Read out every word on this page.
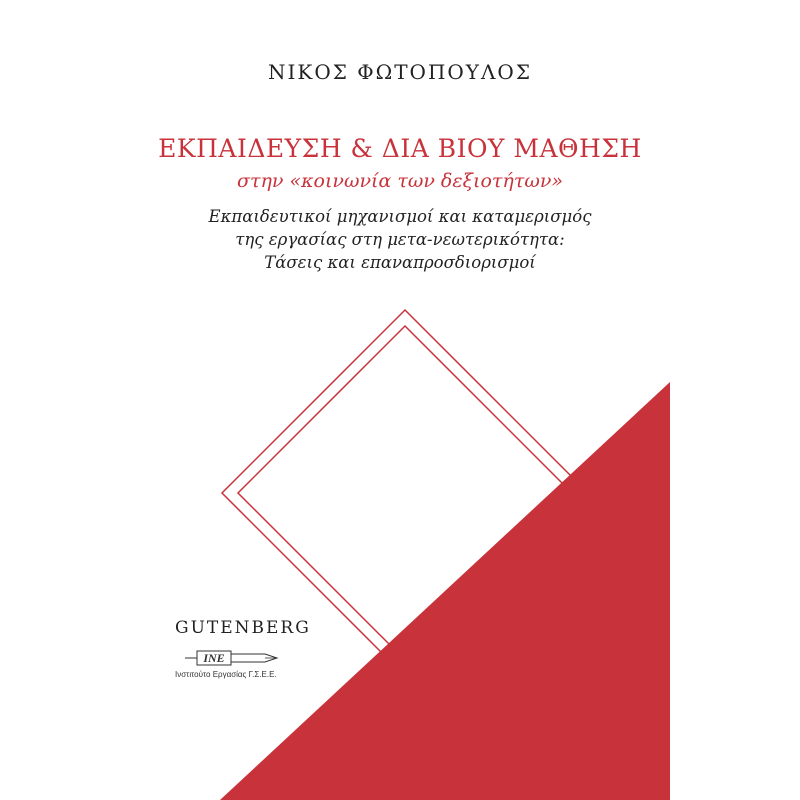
ΝΙΚΟΣ ΦΩΤΟΠΟΥΛΟΣ
ΕΚΠΑΙΔΕΥΣΗ & ΔΙΑ ΒΙΟΥ ΜΑΘΗΣΗ
στην «κοινωνία των δεξιοτήτων»
Εκπαιδευτικοί μηχανισμοί και καταμερισμός
της εργασίας στη μετα-νεωτερικότητα:
Τάσεις και επαναπροσδιορισμοί
GUTENBERG
INE
Ινστιτούτο Εργασίας Γ.Σ.Ε.Ε.
